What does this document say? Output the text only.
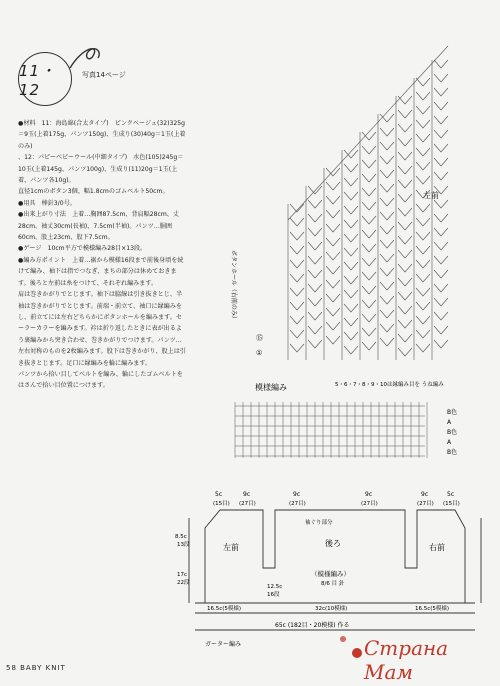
11・12
写真14ページ

●材料　11：海島綿(合太タイプ)　ピンクベージュ(32)325g＝9玉(上着175g、パンツ150g)、生成り(30)40g＝1玉(上着のみ)

、12：パピーベビーウール(中細タイプ)　水色(105)245g＝10玉(上着145g、パンツ100g)、生成り(11)20g＝1玉(上着、パンツ各10g)。

直径1cmのボタン3個、幅1.8cmのゴムベルト50cm。

●用具　棒針3/0号。

●出来上がり寸法　上着…胸囲87.5cm、背肩幅28cm、丈28cm、袖丈30cm(長袖)、7.5cm(半袖)。パンツ…胴囲60cm、股上23cm、股下7.5cm。

●ゲージ　10cm平方で模様編み28目×13段。

●編み方ポイント　上着…裾から模様16段まで前後身頃を続けて編み、袖下は指でつなぎ、まちの部分は休めておきます。後ろと左前は糸をつけて、それぞれ編みます。

肩は巻きかがりでとじます。袖下は脇線は引き抜きとじ、半袖は巻きかがりでとじます。前端・前立て、袖口に縁編みをし、前立てには左右どちらかにボタンホールを編みます。セーラーカラーを編みます。衿は折り返したときに表が出るよう裏編みから突き合わせ、巻きかがりでつけます。パンツ…左右対称のものを2枚編みます。股下は巻きかがり、股上は引き抜きとじます。足口に縁編みを輪に編みます。

パンツから拾い目してベルトを編み、輪にしたゴムベルトをはさんで拾い目位置につけます。

左前
ボタンホール（右前のみ）
⑮
①
模様編み	5・6・7・8・9・10は縁編み目を うね編み
B色
A
B色
A
B色
5c
(15目)
9c
(27目)
9c
(27目)
9c
(27目)
9c
(27目)
5c
(15目)
左前	後ろ	右前
（模様編み）
8/6 目 針
袖ぐり部分
8.5c
13段
17c
22段
12.5c
16段
16.5c(5模様)	32c(10模様)	16.5c(5模様)
65c (182目・20模様) 作る
ガーター編み
58 BABY KNIT
Страна Мам
